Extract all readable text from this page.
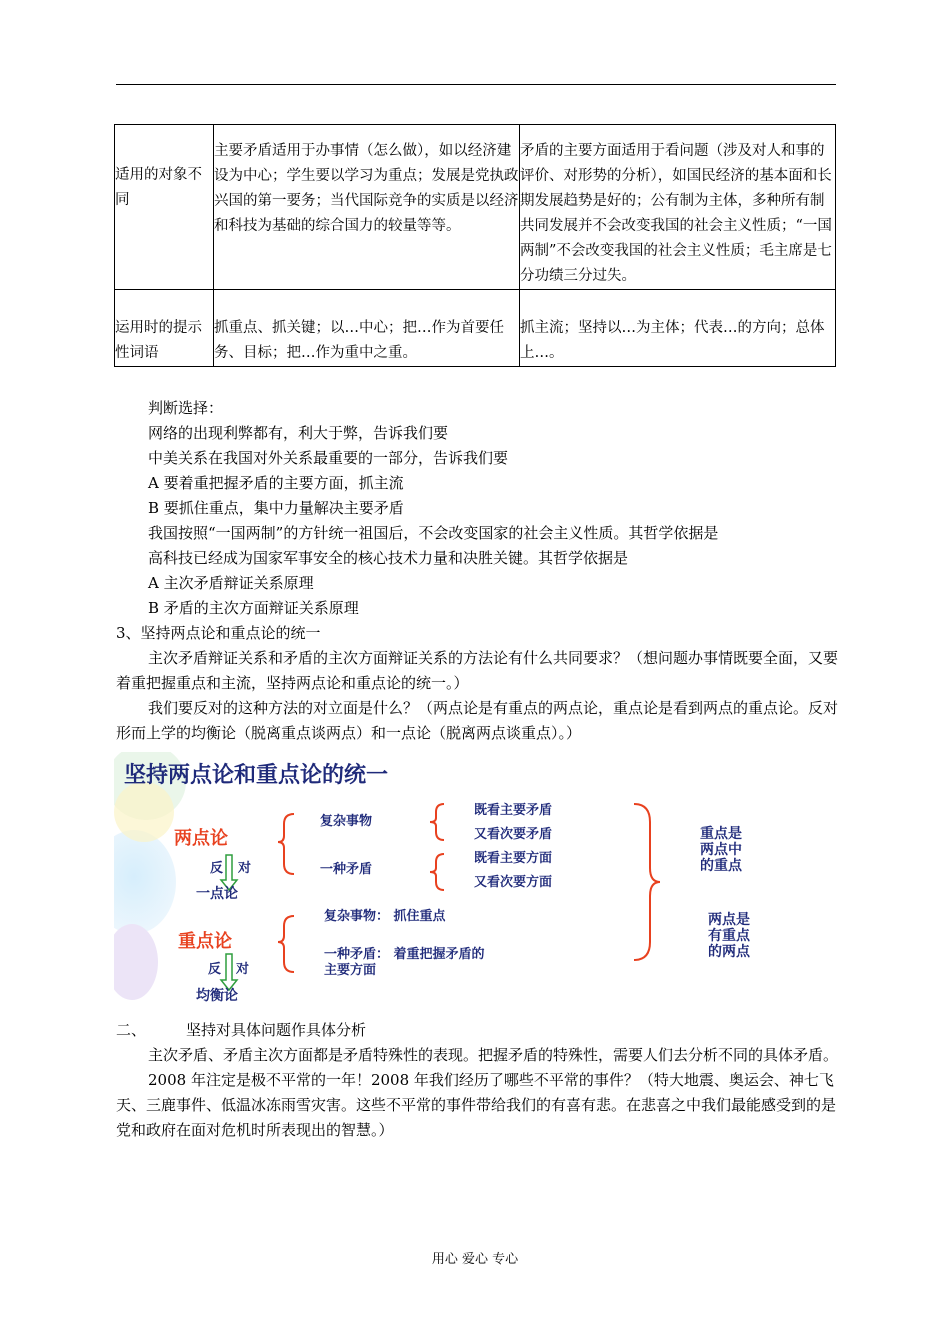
适用的对象不同	主要矛盾适用于办事情（怎么做），如以经济建设为中心；学生要以学习为重点；发展是党执政兴国的第一要务；当代国际竞争的实质是以经济和科技为基础的综合国力的较量等等。	矛盾的主要方面适用于看问题（涉及对人和事的评价、对形势的分析），如国民经济的基本面和长期发展趋势是好的；公有制为主体，多种所有制共同发展并不会改变我国的社会主义性质；“一国两制”不会改变我国的社会主义性质；毛主席是七分功绩三分过失。
运用时的提示性词语	抓重点、抓关键；以…中心；把…作为首要任务、目标；把…作为重中之重。	抓主流；坚持以…为主体；代表…的方向；总体上…。

判断选择：

网络的出现利弊都有，利大于弊，告诉我们要

中美关系在我国对外关系最重要的一部分，告诉我们要

A 要着重把握矛盾的主要方面，抓主流

B 要抓住重点，集中力量解决主要矛盾

我国按照“一国两制”的方针统一祖国后，不会改变国家的社会主义性质。其哲学依据是

高科技已经成为国家军事安全的核心技术力量和决胜关键。其哲学依据是

A 主次矛盾辩证关系原理

B 矛盾的主次方面辩证关系原理

3、坚持两点论和重点论的统一

主次矛盾辩证关系和矛盾的主次方面辩证关系的方法论有什么共同要求？（想问题办事情既要全面，又要着重把握重点和主流，坚持两点论和重点论的统一。）

我们要反对的这种方法的对立面是什么？（两点论是有重点的两点论，重点论是看到两点的重点论。反对形而上学的均衡论（脱离重点谈两点）和一点论（脱离两点谈重点）。）

坚持两点论和重点论的统一
两点论
反 对
一点论
重点论
反 对
均衡论
复杂事物
一种矛盾
既看主要矛盾
又看次要矛盾
既看主要方面
又看次要方面
复杂事物： 抓住重点
一种矛盾： 着重把握矛盾的
主要方面
重点是
两点中
的重点
两点是
有重点
的两点

二、	坚持对具体问题作具体分析

主次矛盾、矛盾主次方面都是矛盾特殊性的表现。把握矛盾的特殊性，需要人们去分析不同的具体矛盾。

2008 年注定是极不平常的一年！2008 年我们经历了哪些不平常的事件？（特大地震、奥运会、神七飞天、三鹿事件、低温冰冻雨雪灾害。这些不平常的事件带给我们的有喜有悲。在悲喜之中我们最能感受到的是党和政府在面对危机时所表现出的智慧。）

用心 爱心 专心
